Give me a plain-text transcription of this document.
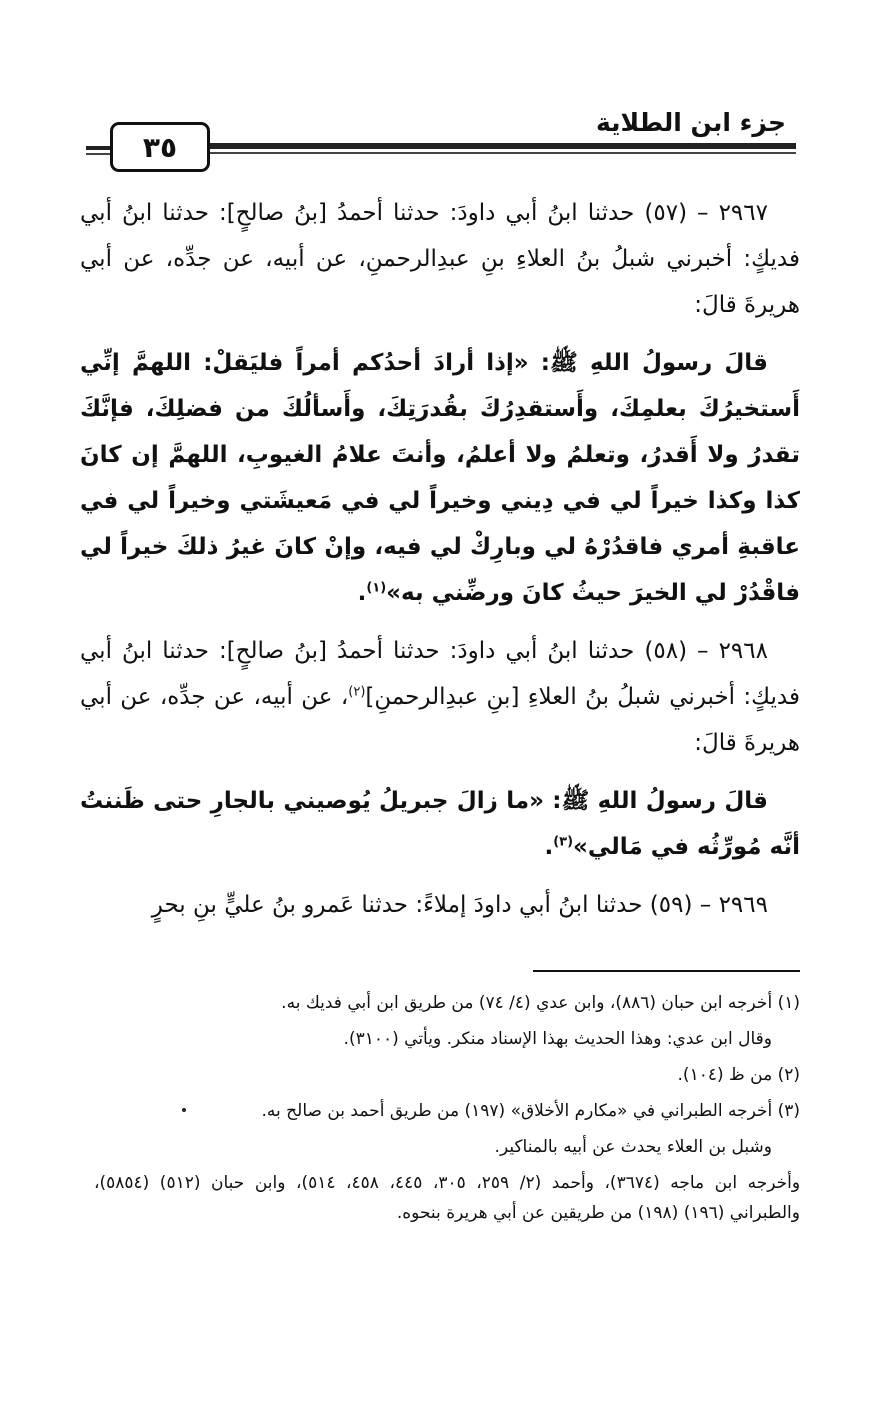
٣٥
جزء ابن الطلاية

٢٩٦٧ – (٥٧) حدثنا ابنُ أبي داودَ: حدثنا أحمدُ [بنُ صالحٍ]: حدثنا ابنُ أبي فديكٍ: أخبرني شبلُ بنُ العلاءِ بنِ عبدِالرحمنِ، عن أبيه، عن جدِّه، عن أبي هريرةَ قالَ:

قالَ رسولُ اللهِ ﷺ: «إذا أرادَ أحدُكم أمراً فليَقلْ: اللهمَّ إنِّي أَستخيرُكَ بعلمِكَ، وأَستقدِرُكَ بقُدرَتِكَ، وأَسألُكَ من فضلِكَ، فإنَّكَ تقدرُ ولا أَقدرُ، وتعلمُ ولا أعلمُ، وأنتَ علامُ الغيوبِ، اللهمَّ إن كانَ كذا وكذا خيراً لي في دِيني وخيراً لي في مَعيشَتي وخيراً لي في عاقبةِ أمري فاقدُرْهُ لي وبارِكْ لي فيه، وإنْ كانَ غيرُ ذلكَ خيراً لي فاقْدُرْ لي الخيرَ حيثُ كانَ ورضِّني به»$^{(١)}$.

٢٩٦٨ – (٥٨) حدثنا ابنُ أبي داودَ: حدثنا أحمدُ [بنُ صالحٍ]: حدثنا ابنُ أبي فديكٍ: أخبرني شبلُ بنُ العلاءِ [بنِ عبدِالرحمنِ]$^{(٢)}$، عن أبيه، عن جدِّه، عن أبي هريرةَ قالَ:

قالَ رسولُ اللهِ ﷺ: «ما زالَ جبريلُ يُوصيني بالجارِ حتى ظَننتُ أنَّه مُورِّثُه في مَالي»$^{(٣)}$.

٢٩٦٩ – (٥٩) حدثنا ابنُ أبي داودَ إملاءً: حدثنا عَمرو بنُ عليٍّ بنِ بحرٍ

(١) أخرجه ابن حبان (٨٨٦)، وابن عدي (٤/ ٧٤) من طريق ابن أبي فديك به.

وقال ابن عدي: وهذا الحديث بهذا الإسناد منكر. ويأتي (٣١٠٠).

(٢) من ظ (١٠٤).

(٣) أخرجه الطبراني في «مكارم الأخلاق» (١٩٧) من طريق أحمد بن صالح به.

وشبل بن العلاء يحدث عن أبيه بالمناكير.

وأخرجه ابن ماجه (٣٦٧٤)، وأحمد (٢/ ٢٥٩، ٣٠٥، ٤٤٥، ٤٥٨، ٥١٤)، وابن حبان (٥١٢) (٥٨٥٤)، والطبراني (١٩٦) (١٩٨) من طريقين عن أبي هريرة بنحوه.
